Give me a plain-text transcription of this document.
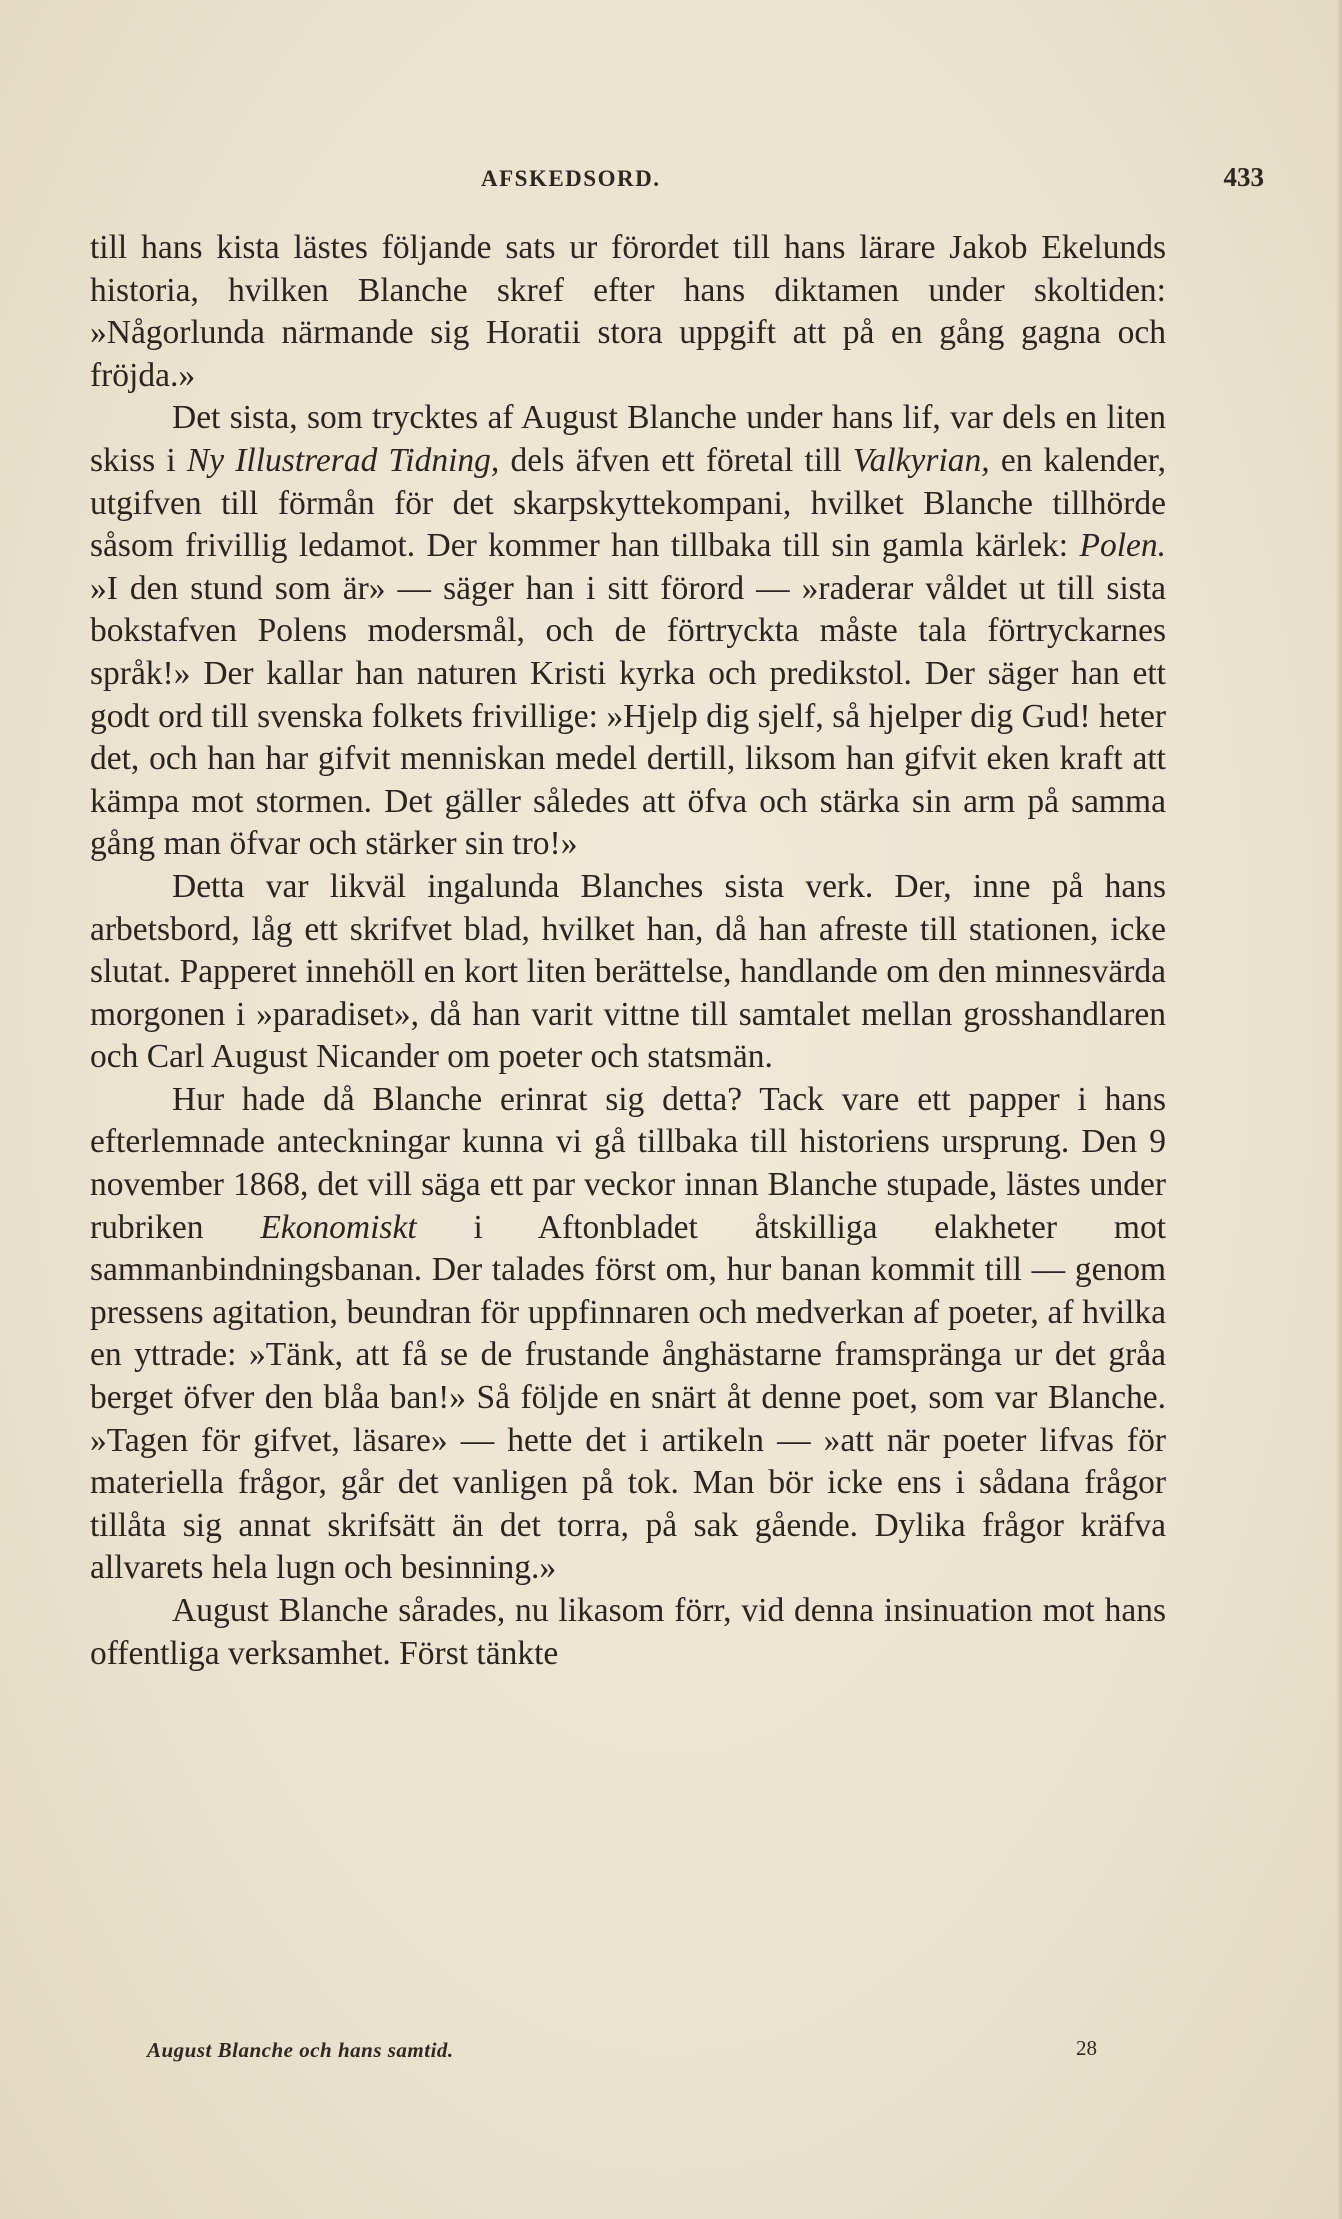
AFSKEDSORD.	433

till hans kista lästes följande sats ur förordet till hans lärare Jakob Ekelunds historia, hvilken Blanche skref efter hans diktamen under skoltiden: »Någorlunda närmande sig Horatii stora uppgift att på en gång gagna och fröjda.»

Det sista, som trycktes af August Blanche under hans lif, var dels en liten skiss i Ny Illustrerad Tidning, dels äfven ett företal till Valkyrian, en kalender, utgifven till förmån för det skarpskyttekompani, hvilket Blanche tillhörde såsom frivillig ledamot. Der kommer han tillbaka till sin gamla kärlek: Polen. »I den stund som är» — säger han i sitt förord — »raderar våldet ut till sista bokstafven Polens modersmål, och de förtryckta måste tala förtryckarnes språk!» Der kallar han naturen Kristi kyrka och predikstol. Der säger han ett godt ord till svenska folkets frivillige: »Hjelp dig sjelf, så hjelper dig Gud! heter det, och han har gifvit menniskan medel dertill, liksom han gifvit eken kraft att kämpa mot stormen. Det gäller således att öfva och stärka sin arm på samma gång man öfvar och stärker sin tro!»

Detta var likväl ingalunda Blanches sista verk. Der, inne på hans arbetsbord, låg ett skrifvet blad, hvilket han, då han afreste till stationen, icke slutat. Papperet innehöll en kort liten berättelse, handlande om den minnesvärda morgonen i »paradiset», då han varit vittne till samtalet mellan grosshandlaren och Carl August Nicander om poeter och statsmän.

Hur hade då Blanche erinrat sig detta? Tack vare ett papper i hans efterlemnade anteckningar kunna vi gå tillbaka till historiens ursprung. Den 9 november 1868, det vill säga ett par veckor innan Blanche stupade, lästes under rubriken Ekonomiskt i Aftonbladet åtskilliga elakheter mot sammanbindningsbanan. Der talades först om, hur banan kommit till — genom pressens agitation, beundran för uppfinnaren och medverkan af poeter, af hvilka en yttrade: »Tänk, att få se de frustande ånghästarne framspränga ur det gråa berget öfver den blåa ban!» Så följde en snärt åt denne poet, som var Blanche. »Tagen för gifvet, läsare» — hette det i artikeln — »att när poeter lifvas för materiella frågor, går det vanligen på tok. Man bör icke ens i sådana frågor tillåta sig annat skrifsätt än det torra, på sak gående. Dylika frågor kräfva allvarets hela lugn och besinning.»

August Blanche sårades, nu likasom förr, vid denna insinuation mot hans offentliga verksamhet. Först tänkte

August Blanche och hans samtid.	28
